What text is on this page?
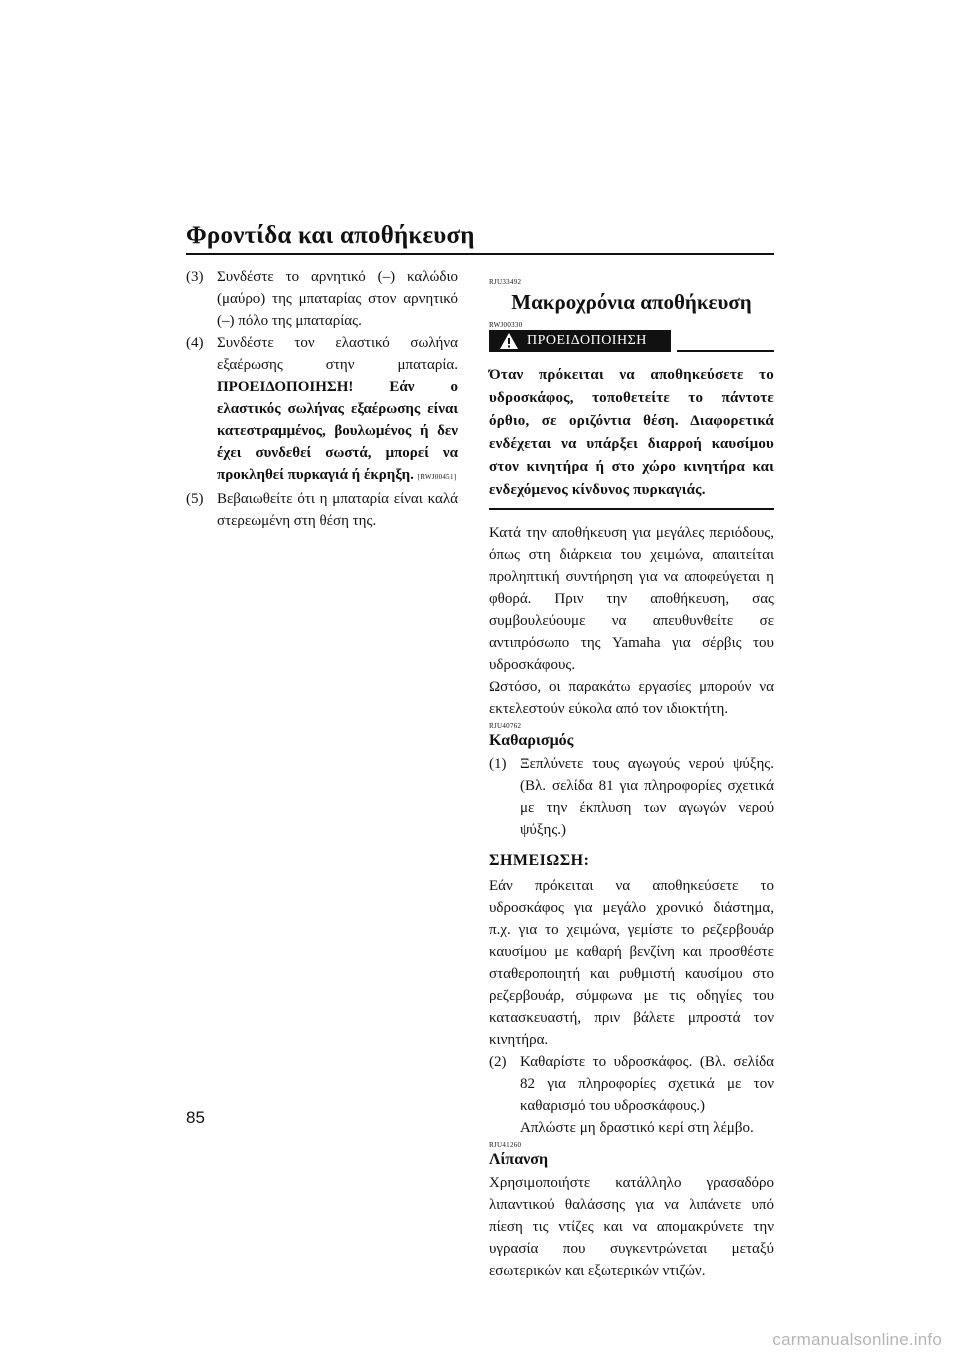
Φροντίδα και αποθήκευση

(3) Συνδέστε το αρνητικό (–) καλώδιο (μαύρο) της μπαταρίας στον αρνητικό (–) πόλο της μπαταρίας.

(4) Συνδέστε τον ελαστικό σωλήνα εξαέρωσης στην μπαταρία. ΠΡΟΕΙΔΟΠΟΙΗΣΗ! Εάν ο ελαστικός σωλήνας εξαέρωσης είναι κατεστραμμένος, βουλωμένος ή δεν έχει συνδεθεί σωστά, μπορεί να προκληθεί πυρκαγιά ή έκρηξη. [RWJ00451]

(5) Βεβαιωθείτε ότι η μπαταρία είναι καλά στερεωμένη στη θέση της.

RJU33492
Μακροχρόνια αποθήκευση
RWJ00330
ΠΡΟΕΙΔΟΠΟΙΗΣΗ

Όταν πρόκειται να αποθηκεύσετε το υδροσκάφος, τοποθετείτε το πάντοτε όρθιο, σε οριζόντια θέση. Διαφορετικά ενδέχεται να υπάρξει διαρροή καυσίμου στον κινητήρα ή στο χώρο κινητήρα και ενδεχόμενος κίνδυνος πυρκαγιάς.

Κατά την αποθήκευση για μεγάλες περιόδους, όπως στη διάρκεια του χειμώνα, απαιτείται προληπτική συντήρηση για να αποφεύγεται η φθορά. Πριν την αποθήκευση, σας συμβουλεύουμε να απευθυνθείτε σε αντιπρόσωπο της Yamaha για σέρβις του υδροσκάφους.

Ωστόσο, οι παρακάτω εργασίες μπορούν να εκτελεστούν εύκολα από τον ιδιοκτήτη.

RJU40762
Καθαρισμός

(1) Ξεπλύνετε τους αγωγούς νερού ψύξης. (Βλ. σελίδα 81 για πληροφορίες σχετικά με την έκπλυση των αγωγών νερού ψύξης.)

ΣΗΜΕΙΩΣΗ:

Εάν πρόκειται να αποθηκεύσετε το υδροσκάφος για μεγάλο χρονικό διάστημα, π.χ. για το χειμώνα, γεμίστε το ρεζερβουάρ καυσίμου με καθαρή βενζίνη και προσθέστε σταθεροποιητή και ρυθμιστή καυσίμου στο ρεζερβουάρ, σύμφωνα με τις οδηγίες του κατασκευαστή, πριν βάλετε μπροστά τον κινητήρα.

(2) Καθαρίστε το υδροσκάφος. (Βλ. σελίδα 82 για πληροφορίες σχετικά με τον καθαρισμό του υδροσκάφους.)

Απλώστε μη δραστικό κερί στη λέμβο.

RJU41260
Λίπανση

Χρησιμοποιήστε κατάλληλο γρασαδόρο λιπαντικού θαλάσσης για να λιπάνετε υπό πίεση τις ντίζες και να απομακρύνετε την υγρασία που συγκεντρώνεται μεταξύ εσωτερικών και εξωτερικών ντιζών.

85
carmanualsonline.info
